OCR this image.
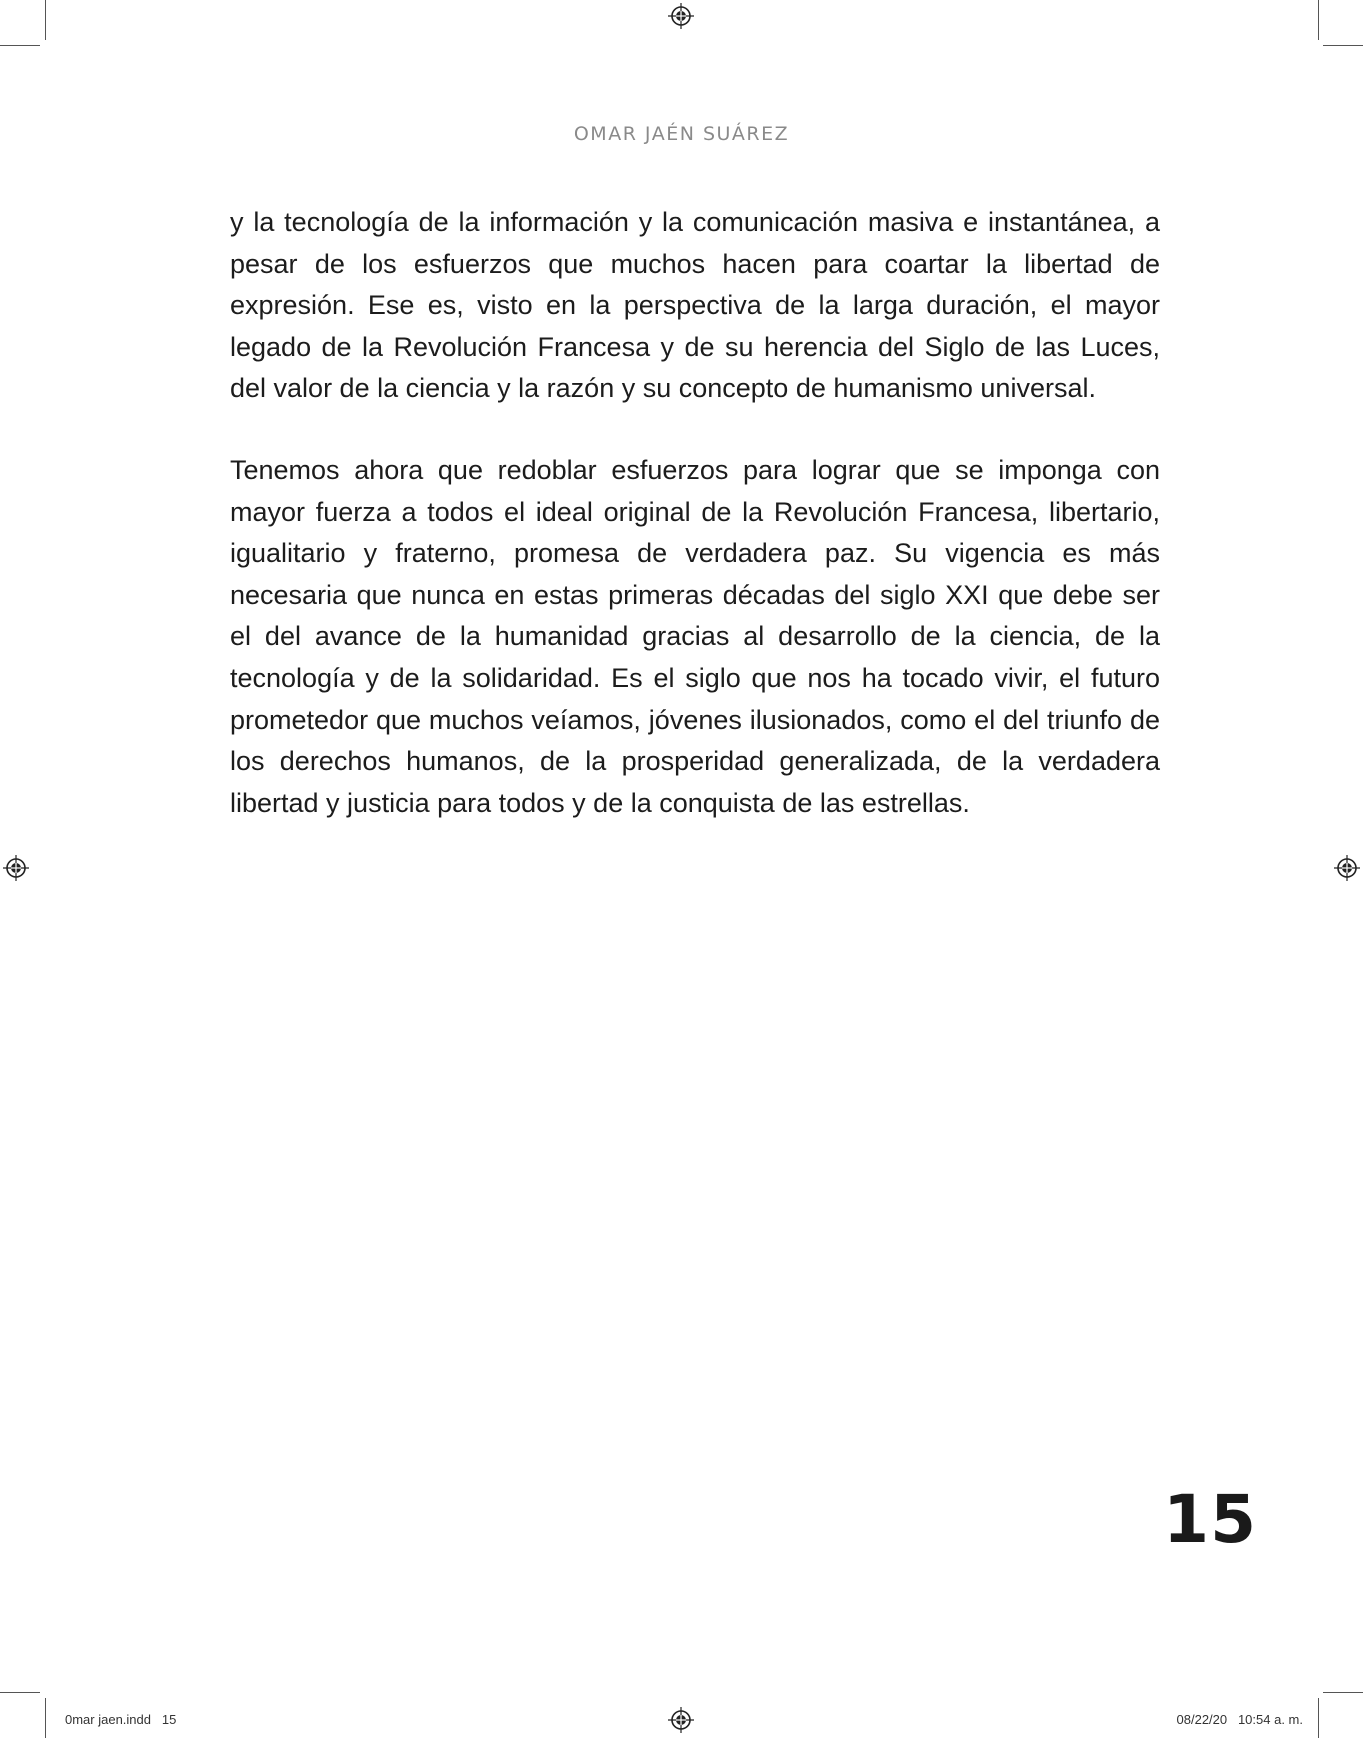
OMAR JAÉN SUÁREZ

y la tecnología de la información y la comunicación masiva e instantánea, a pesar de los esfuerzos que muchos hacen para coartar la libertad de expresión. Ese es, visto en la perspectiva de la larga duración, el mayor legado de la Revolución Francesa y de su herencia del Siglo de las Luces, del valor de la ciencia y la razón y su concepto de humanismo universal.

Tenemos ahora que redoblar esfuerzos para lograr que se imponga con mayor fuerza a todos el ideal original de la Revolución Francesa, libertario, igualitario y fraterno, promesa de verdadera paz. Su vigencia es más necesaria que nunca en estas primeras décadas del siglo XXI que debe ser el del avance de la humanidad gracias al desarrollo de la ciencia, de la tecnología y de la solidaridad. Es el siglo que nos ha tocado vivir, el futuro prometedor que muchos veíamos, jóvenes ilusionados, como el del triunfo de los derechos humanos, de la prosperidad generalizada, de la verdadera libertad y justicia para todos y de la conquista de las estrellas.

15
0mar jaen.indd   15	08/22/20   10:54 a. m.
